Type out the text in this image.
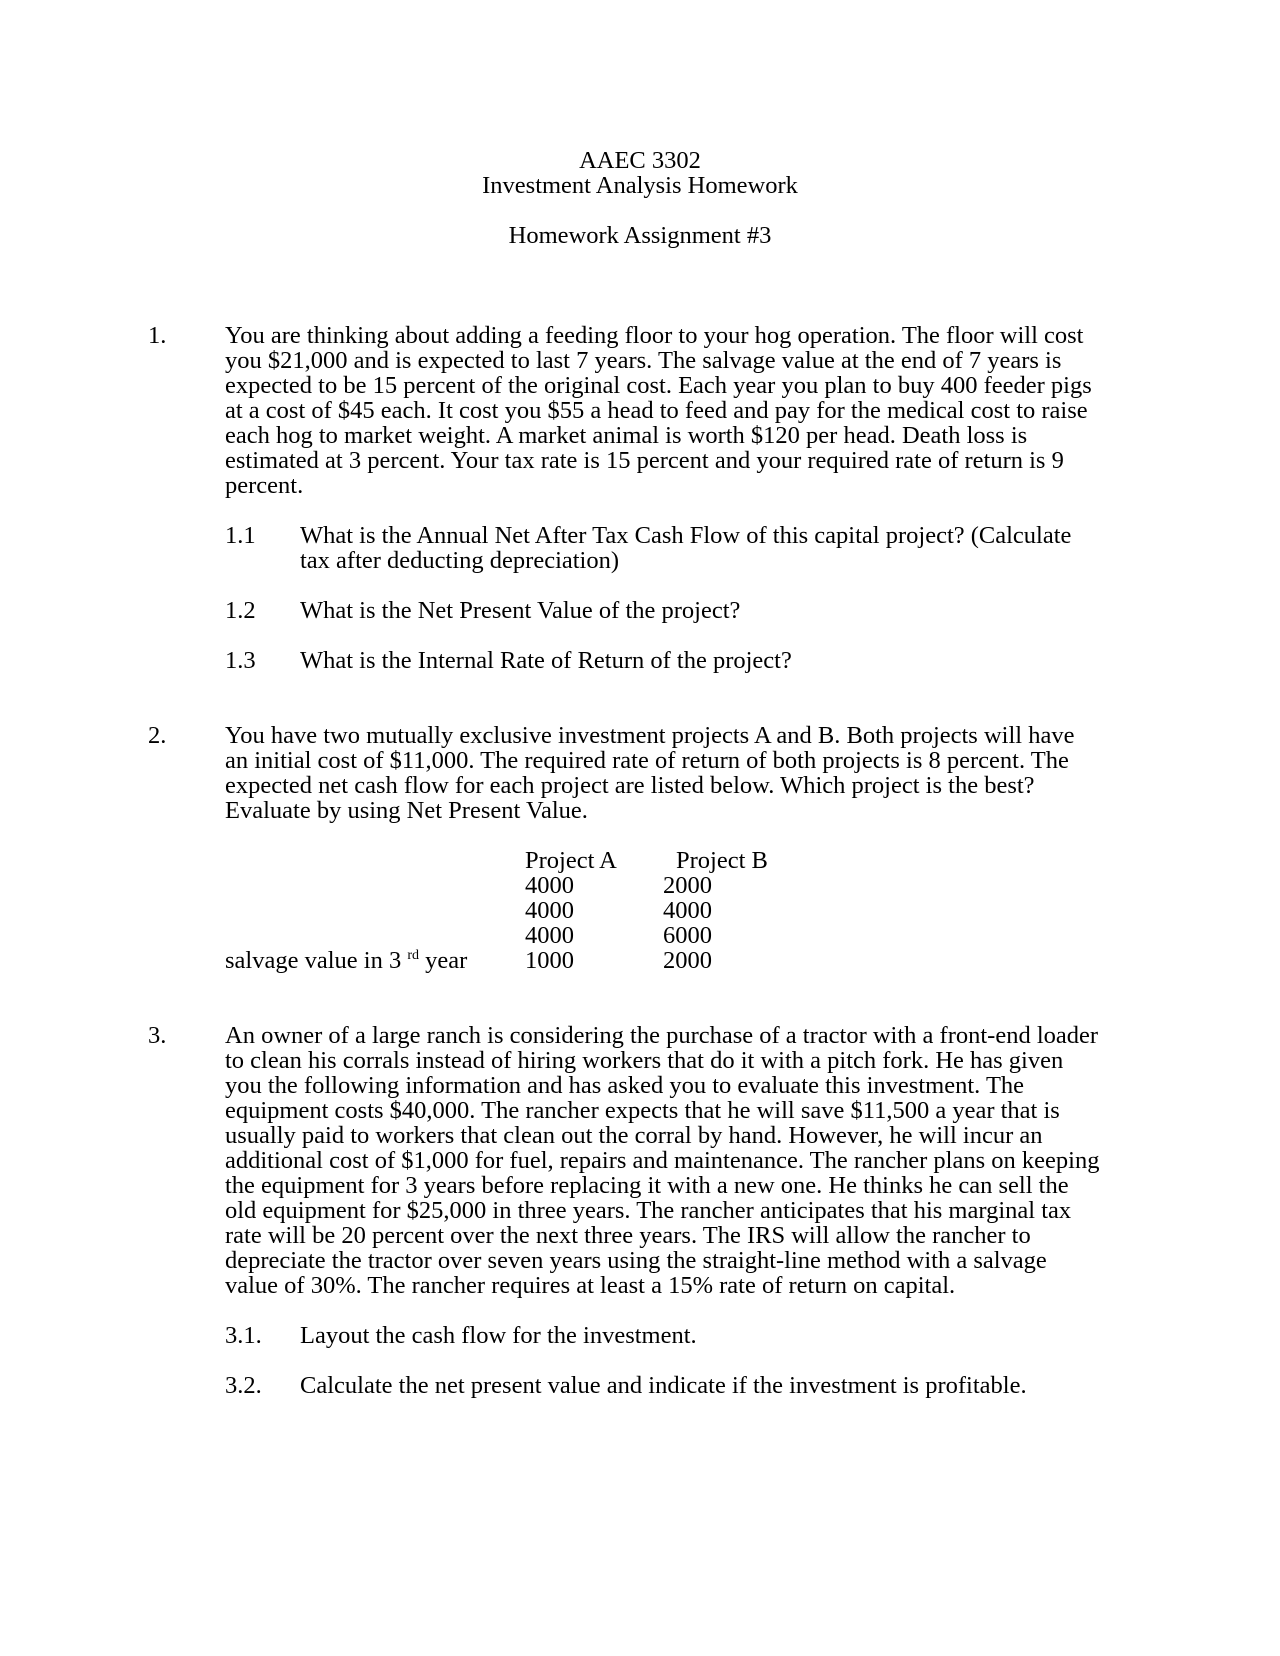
AAEC 3302
Investment Analysis Homework
Homework Assignment #3
1. You are thinking about adding a feeding floor to your hog operation. The floor will cost
you $21,000 and is expected to last 7 years. The salvage value at the end of 7 years is
expected to be 15 percent of the original cost. Each year you plan to buy 400 feeder pigs
at a cost of $45 each. It cost you $55 a head to feed and pay for the medical cost to raise
each hog to market weight. A market animal is worth $120 per head. Death loss is
estimated at 3 percent. Your tax rate is 15 percent and your required rate of return is 9
percent.
1.1 What is the Annual Net After Tax Cash Flow of this capital project? (Calculate
tax after deducting depreciation)
1.2 What is the Net Present Value of the project?
1.3 What is the Internal Rate of Return of the project?
2. You have two mutually exclusive investment projects A and B. Both projects will have
an initial cost of $11,000. The required rate of return of both projects is 8 percent. The
expected net cash flow for each project are listed below. Which project is the best?
Evaluate by using Net Present Value.
Project A Project B
4000	2000
4000	4000
4000	6000
salvage value in 3 $^{rd}$ year 1000	2000
3. An owner of a large ranch is considering the purchase of a tractor with a front-end loader
to clean his corrals instead of hiring workers that do it with a pitch fork. He has given
you the following information and has asked you to evaluate this investment. The
equipment costs $40,000. The rancher expects that he will save $11,500 a year that is
usually paid to workers that clean out the corral by hand. However, he will incur an
additional cost of $1,000 for fuel, repairs and maintenance. The rancher plans on keeping
the equipment for 3 years before replacing it with a new one. He thinks he can sell the
old equipment for $25,000 in three years. The rancher anticipates that his marginal tax
rate will be 20 percent over the next three years. The IRS will allow the rancher to
depreciate the tractor over seven years using the straight-line method with a salvage
value of 30%. The rancher requires at least a 15% rate of return on capital.
3.1. Layout the cash flow for the investment.
3.2. Calculate the net present value and indicate if the investment is profitable.
